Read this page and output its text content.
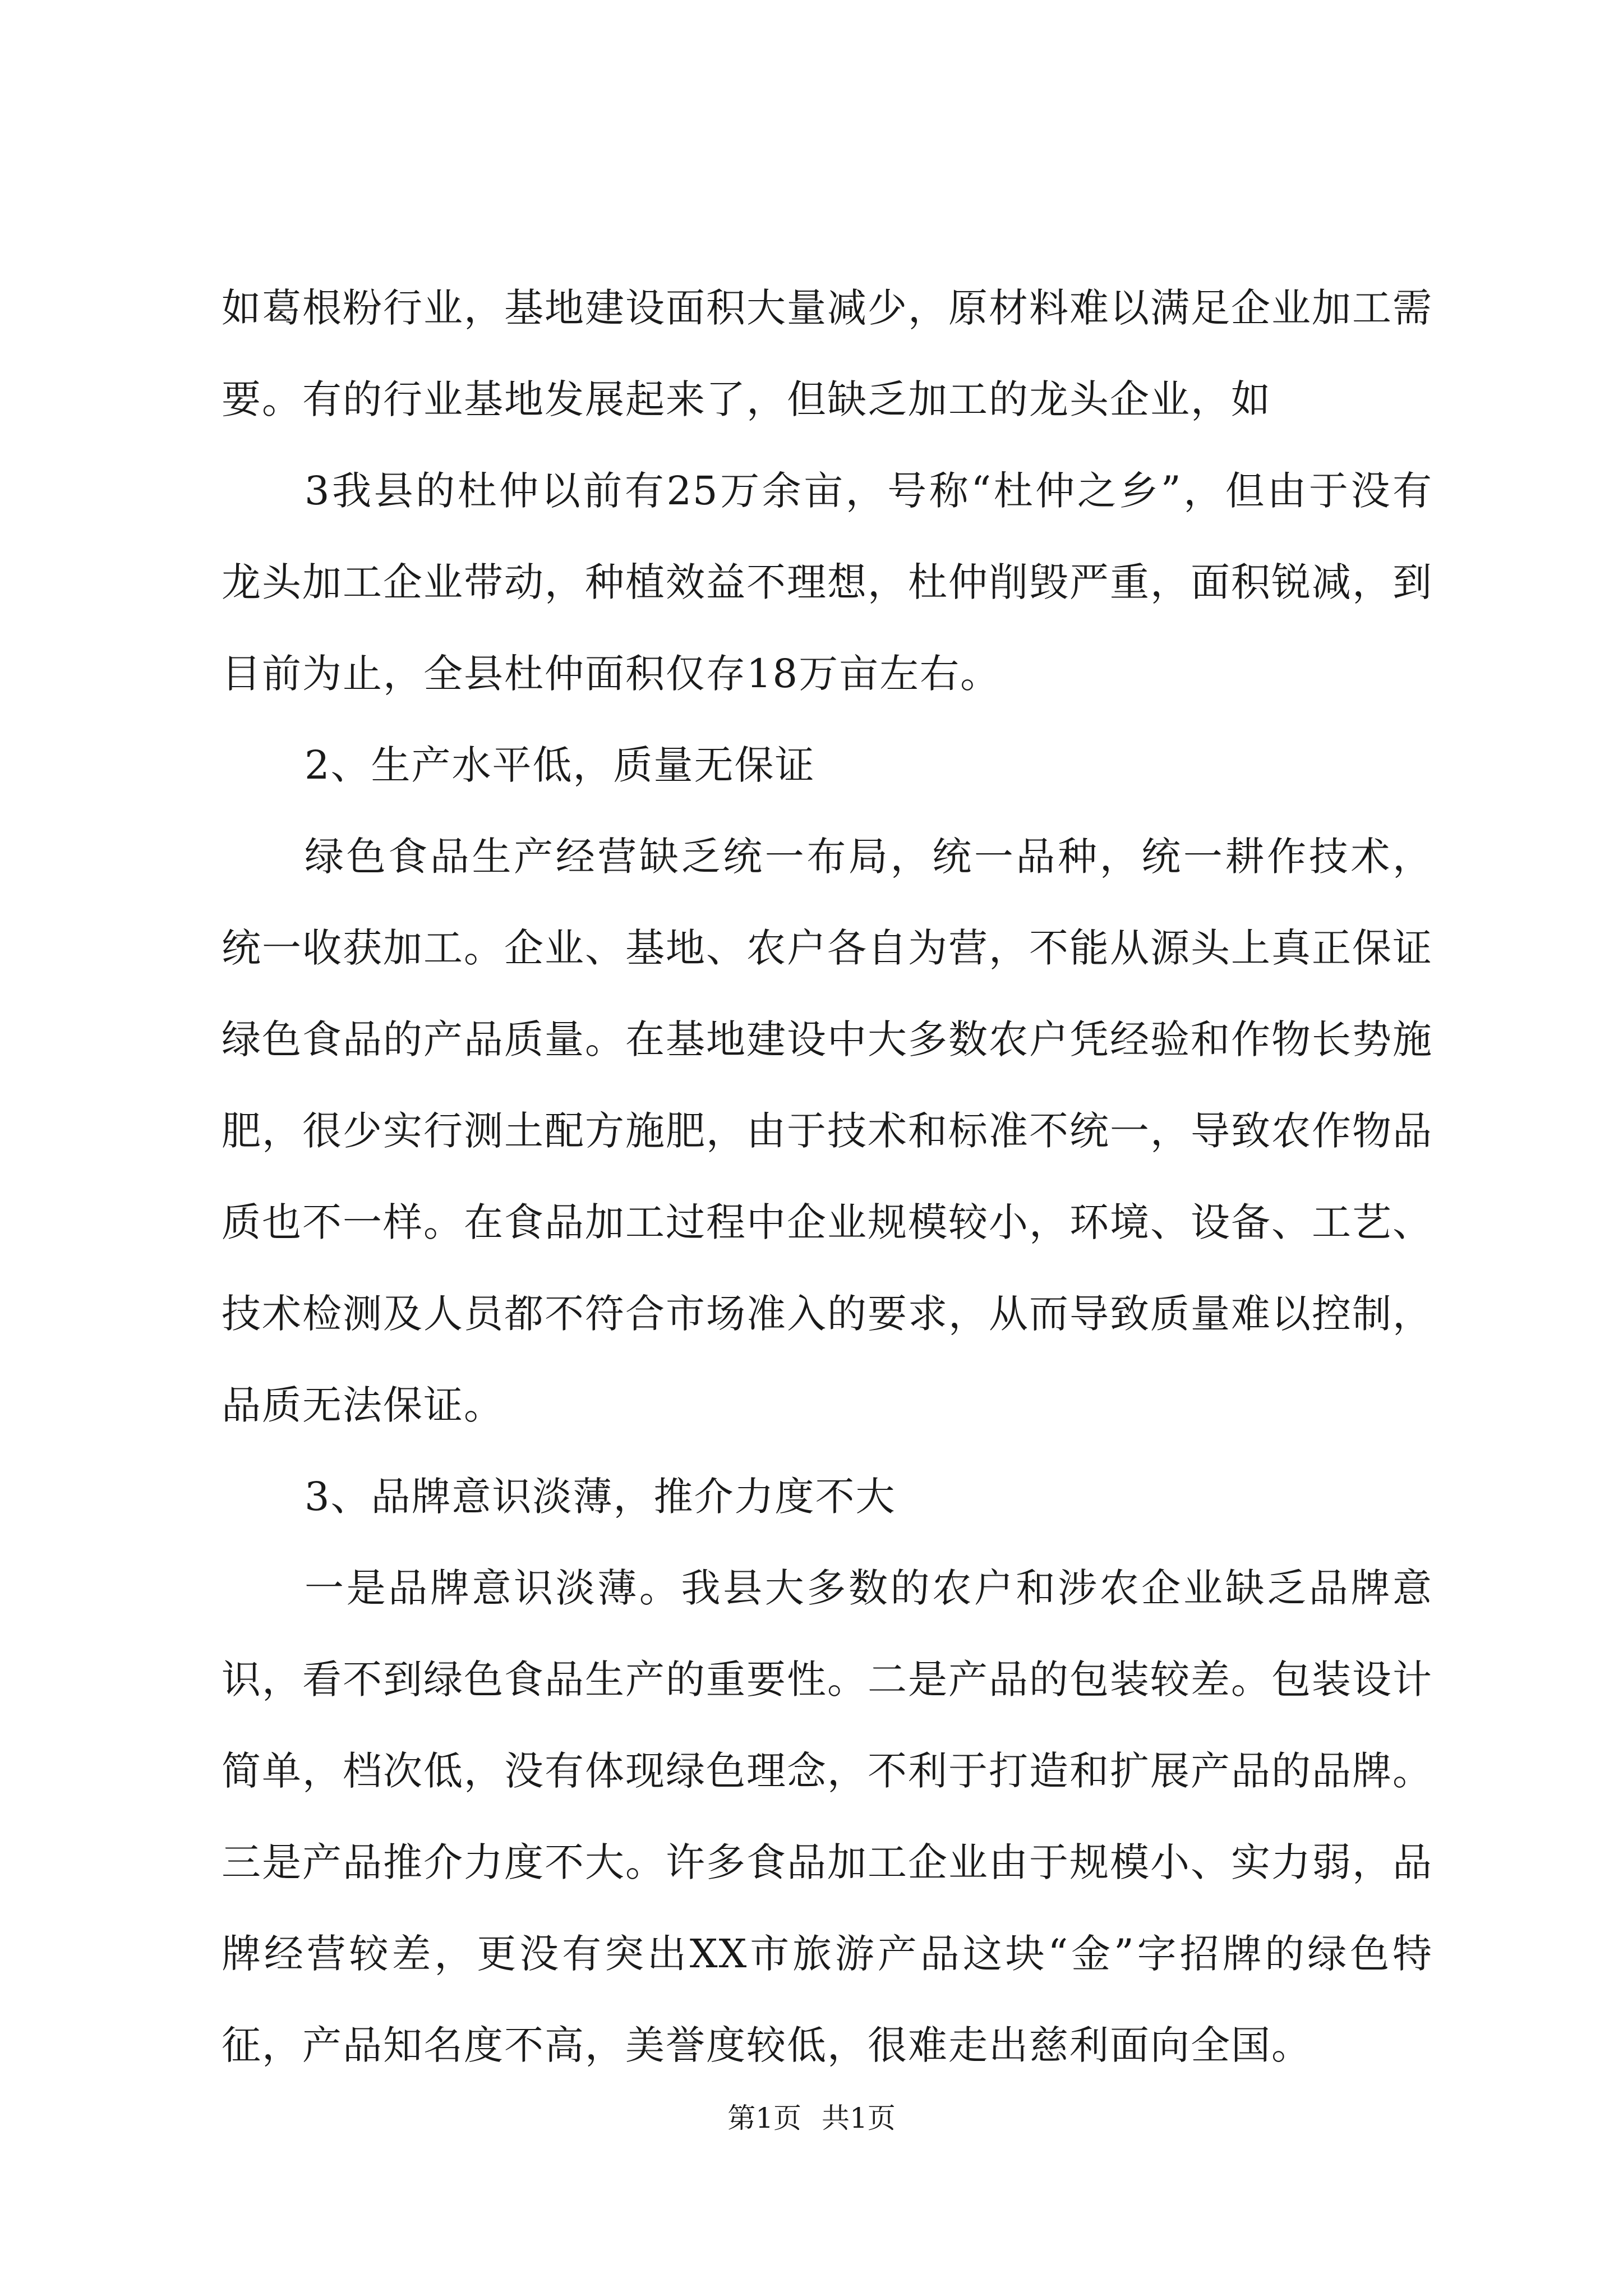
如葛根粉行业，基地建设面积大量减少，原材料难以满足企业加工需要。有的行业基地发展起来了，但缺乏加工的龙头企业，如

3我县的杜仲以前有25万余亩，号称“杜仲之乡”，但由于没有龙头加工企业带动，种植效益不理想，杜仲削毁严重，面积锐减，到目前为止，全县杜仲面积仅存18万亩左右。

2、生产水平低，质量无保证

绿色食品生产经营缺乏统一布局，统一品种，统一耕作技术，统一收获加工。企业、基地、农户各自为营，不能从源头上真正保证绿色食品的产品质量。在基地建设中大多数农户凭经验和作物长势施肥，很少实行测土配方施肥，由于技术和标准不统一，导致农作物品质也不一样。在食品加工过程中企业规模较小，环境、设备、工艺、技术检测及人员都不符合市场准入的要求，从而导致质量难以控制，品质无法保证。

3、品牌意识淡薄，推介力度不大

一是品牌意识淡薄。我县大多数的农户和涉农企业缺乏品牌意识，看不到绿色食品生产的重要性。二是产品的包装较差。包装设计简单，档次低，没有体现绿色理念，不利于打造和扩展产品的品牌。三是产品推介力度不大。许多食品加工企业由于规模小、实力弱，品牌经营较差，更没有突出XX市旅游产品这块“金”字招牌的绿色特征，产品知名度不高，美誉度较低，很难走出慈利面向全国。

第1页 共1页
